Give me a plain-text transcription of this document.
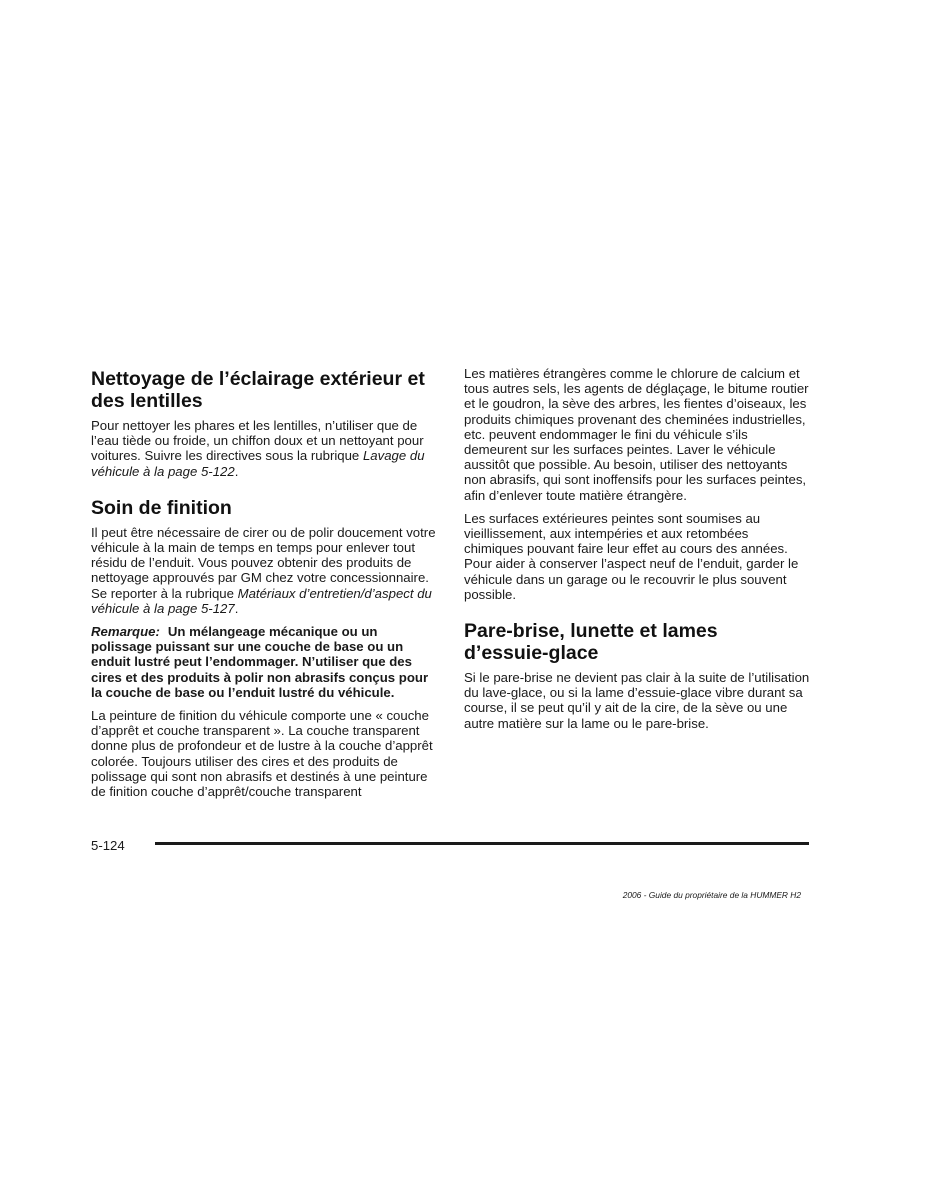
Nettoyage de l’éclairage extérieur et
des lentilles

Pour nettoyer les phares et les lentilles, n’utiliser que de l’eau tiède ou froide, un chiffon doux et un nettoyant pour voitures. Suivre les directives sous la rubrique Lavage du véhicule à la page 5-122.

Soin de finition

Il peut être nécessaire de cirer ou de polir doucement votre véhicule à la main de temps en temps pour enlever tout résidu de l’enduit. Vous pouvez obtenir des produits de nettoyage approuvés par GM chez votre concessionnaire. Se reporter à la rubrique Matériaux d’entretien/d’aspect du véhicule à la page 5-127.

Remarque: Un mélangeage mécanique ou un polissage puissant sur une couche de base ou un enduit lustré peut l’endommager. N’utiliser que des cires et des produits à polir non abrasifs conçus pour la couche de base ou l’enduit lustré du véhicule.

La peinture de finition du véhicule comporte une « couche d’apprêt et couche transparent ». La couche transparent donne plus de profondeur et de lustre à la couche d’apprêt colorée. Toujours utiliser des cires et des produits de polissage qui sont non abrasifs et destinés à une peinture de finition couche d’apprêt/couche transparent

Les matières étrangères comme le chlorure de calcium et tous autres sels, les agents de déglaçage, le bitume routier et le goudron, la sève des arbres, les fientes d’oiseaux, les produits chimiques provenant des cheminées industrielles, etc. peuvent endommager le fini du véhicule s’ils demeurent sur les surfaces peintes. Laver le véhicule aussitôt que possible. Au besoin, utiliser des nettoyants non abrasifs, qui sont inoffensifs pour les surfaces peintes, afin d’enlever toute matière étrangère.

Les surfaces extérieures peintes sont soumises au vieillissement, aux intempéries et aux retombées chimiques pouvant faire leur effet au cours des années. Pour aider à conserver l’aspect neuf de l’enduit, garder le véhicule dans un garage ou le recouvrir le plus souvent possible.

Pare-brise, lunette et lames
d’essuie-glace

Si le pare-brise ne devient pas clair à la suite de l’utilisation du lave-glace, ou si la lame d’essuie-glace vibre durant sa course, il se peut qu’il y ait de la cire, de la sève ou une autre matière sur la lame ou le pare-brise.

5-124
2006 - Guide du propriétaire de la HUMMER H2
